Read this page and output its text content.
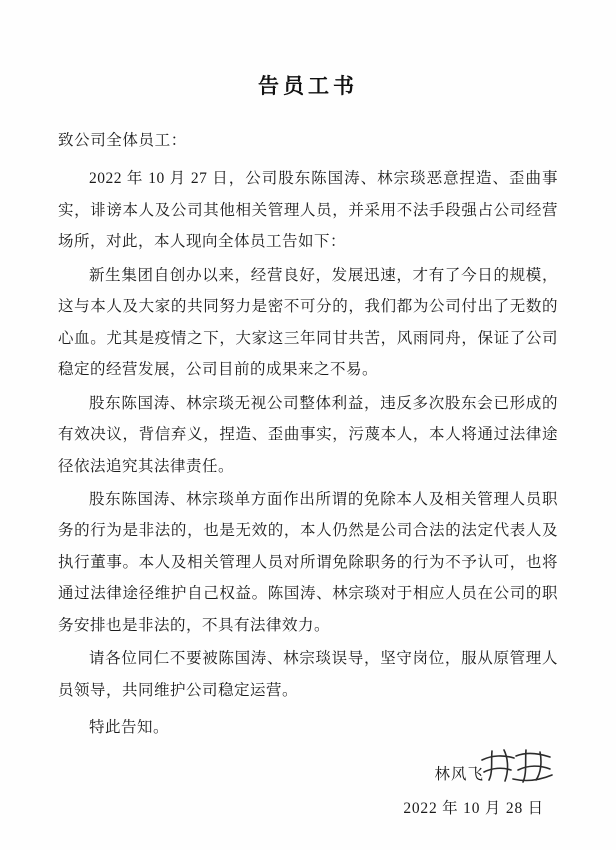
告员工书

致公司全体员工：

2022 年 10 月 27 日，公司股东陈国涛、林宗琰恶意捏造、歪曲事实，诽谤本人及公司其他相关管理人员，并采用不法手段强占公司经营场所，对此，本人现向全体员工告如下：

新生集团自创办以来，经营良好，发展迅速，才有了今日的规模，这与本人及大家的共同努力是密不可分的，我们都为公司付出了无数的心血。尤其是疫情之下，大家这三年同甘共苦，风雨同舟，保证了公司稳定的经营发展，公司目前的成果来之不易。

股东陈国涛、林宗琰无视公司整体利益，违反多次股东会已形成的有效决议，背信弃义，捏造、歪曲事实，污蔑本人，本人将通过法律途径依法追究其法律责任。

股东陈国涛、林宗琰单方面作出所谓的免除本人及相关管理人员职务的行为是非法的，也是无效的，本人仍然是公司合法的法定代表人及执行董事。本人及相关管理人员对所谓免除职务的行为不予认可，也将通过法律途径维护自己权益。陈国涛、林宗琰对于相应人员在公司的职务安排也是非法的，不具有法律效力。

请各位同仁不要被陈国涛、林宗琰误导，坚守岗位，服从原管理人员领导，共同维护公司稳定运营。

特此告知。

林风飞
2022 年 10 月 28 日
